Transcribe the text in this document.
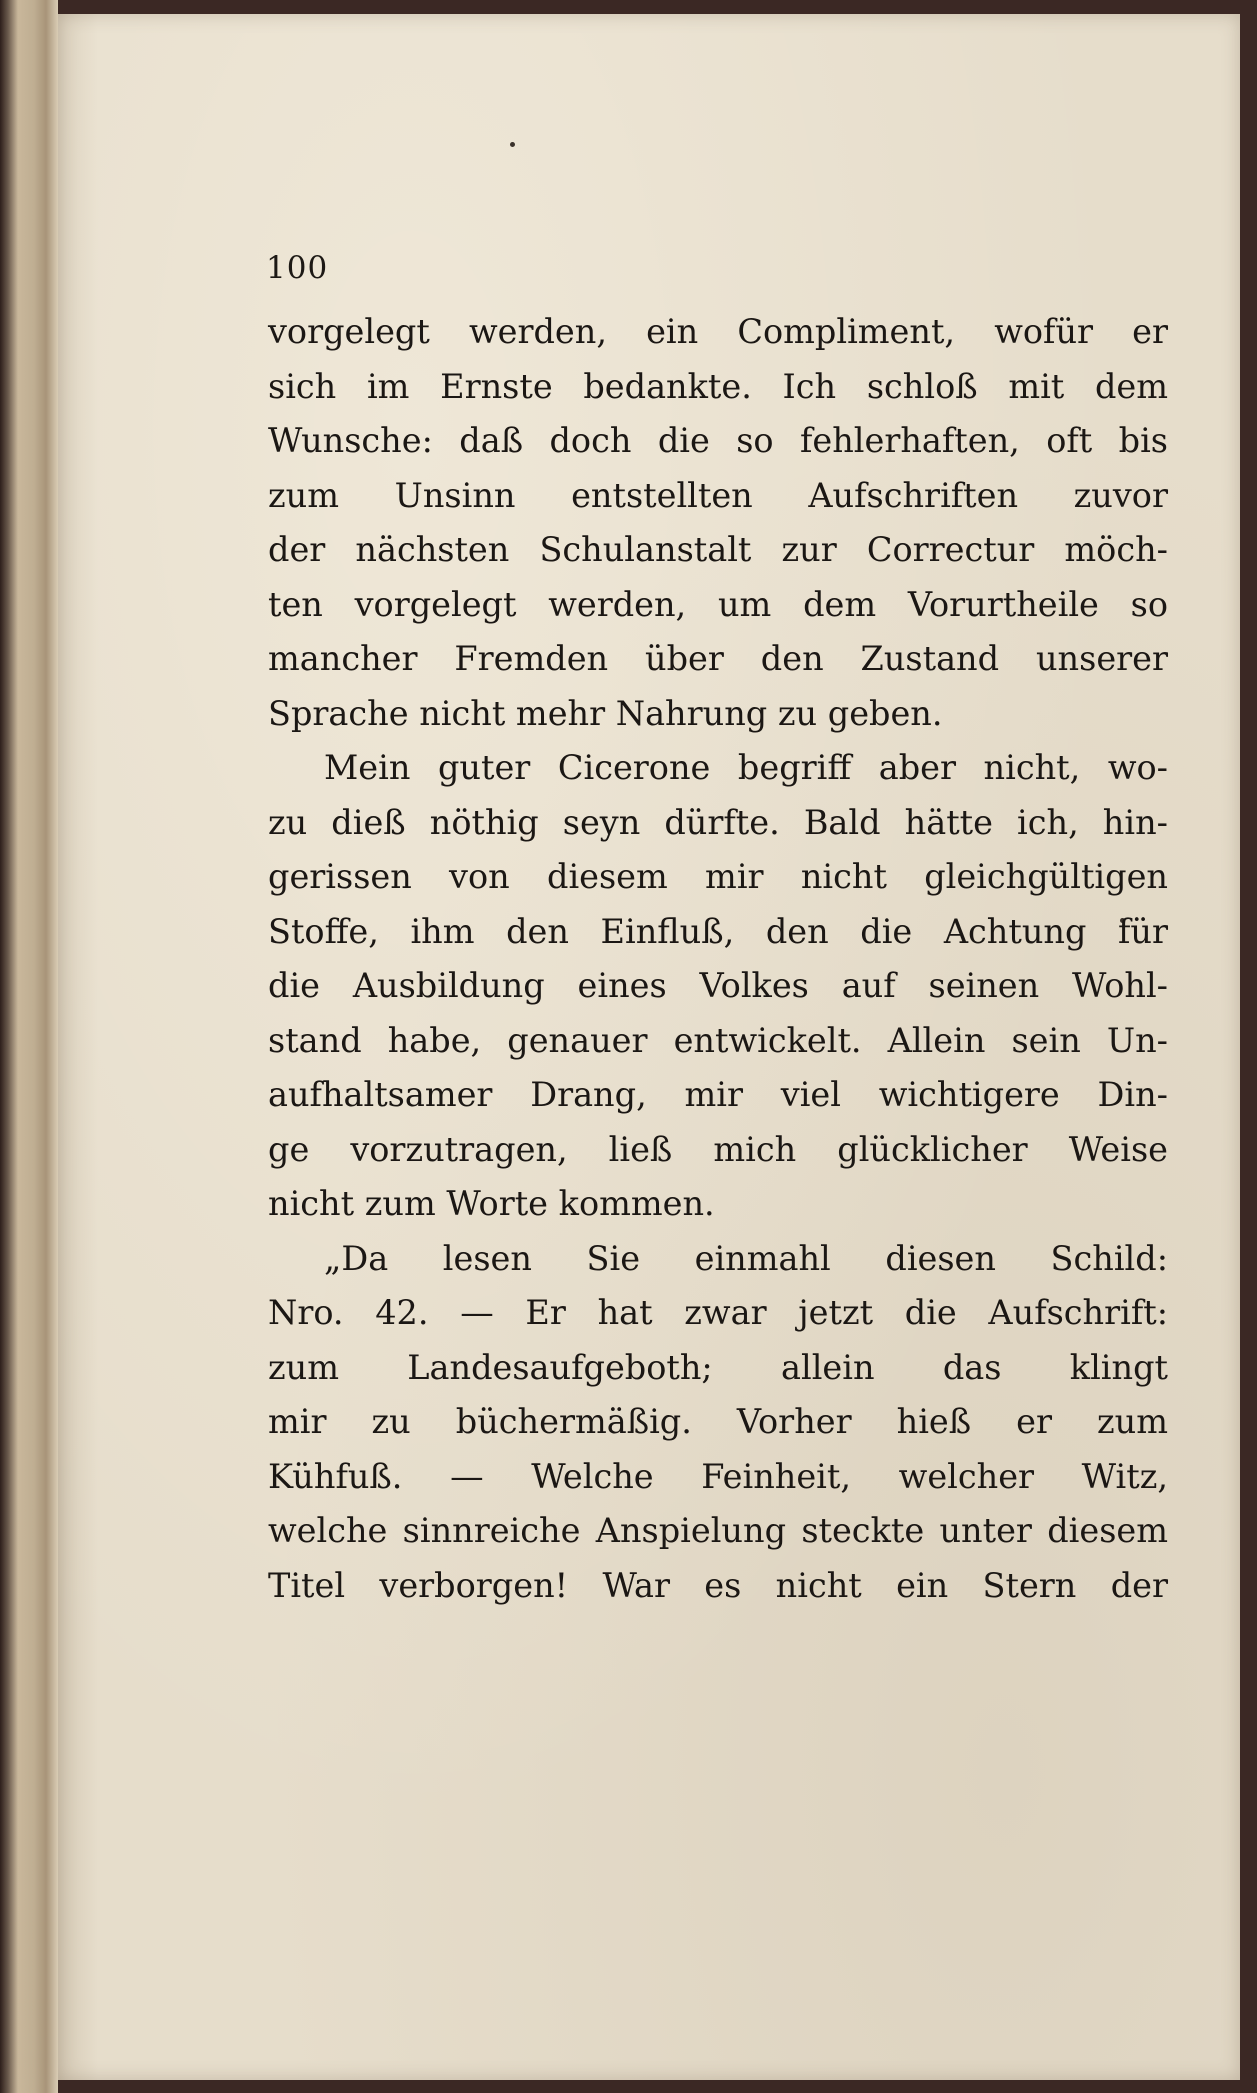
100
vorgelegt werden, ein Compliment, wofür er
sich im Ernste bedankte. Ich schloß mit dem
Wunsche: daß doch die so fehlerhaften, oft bis
zum Unsinn entstellten Aufschriften zuvor
der nächsten Schulanstalt zur Correctur möch-
ten vorgelegt werden, um dem Vorurtheile so
mancher Fremden über den Zustand unserer
Sprache nicht mehr Nahrung zu geben.
Mein guter Cicerone begriff aber nicht, wo-
zu dieß nöthig seyn dürfte. Bald hätte ich, hin-
gerissen von diesem mir nicht gleichgültigen
Stoffe, ihm den Einfluß, den die Achtung für
die Ausbildung eines Volkes auf seinen Wohl-
stand habe, genauer entwickelt. Allein sein Un-
aufhaltsamer Drang, mir viel wichtigere Din-
ge vorzutragen, ließ mich glücklicher Weise
nicht zum Worte kommen.
„Da lesen Sie einmahl diesen Schild:
Nro. 42. — Er hat zwar jetzt die Aufschrift:
zum Landesaufgeboth; allein das klingt
mir zu büchermäßig. Vorher hieß er zum
Kühfuß. — Welche Feinheit, welcher Witz,
welche sinnreiche Anspielung steckte unter diesem
Titel verborgen! War es nicht ein Stern der
